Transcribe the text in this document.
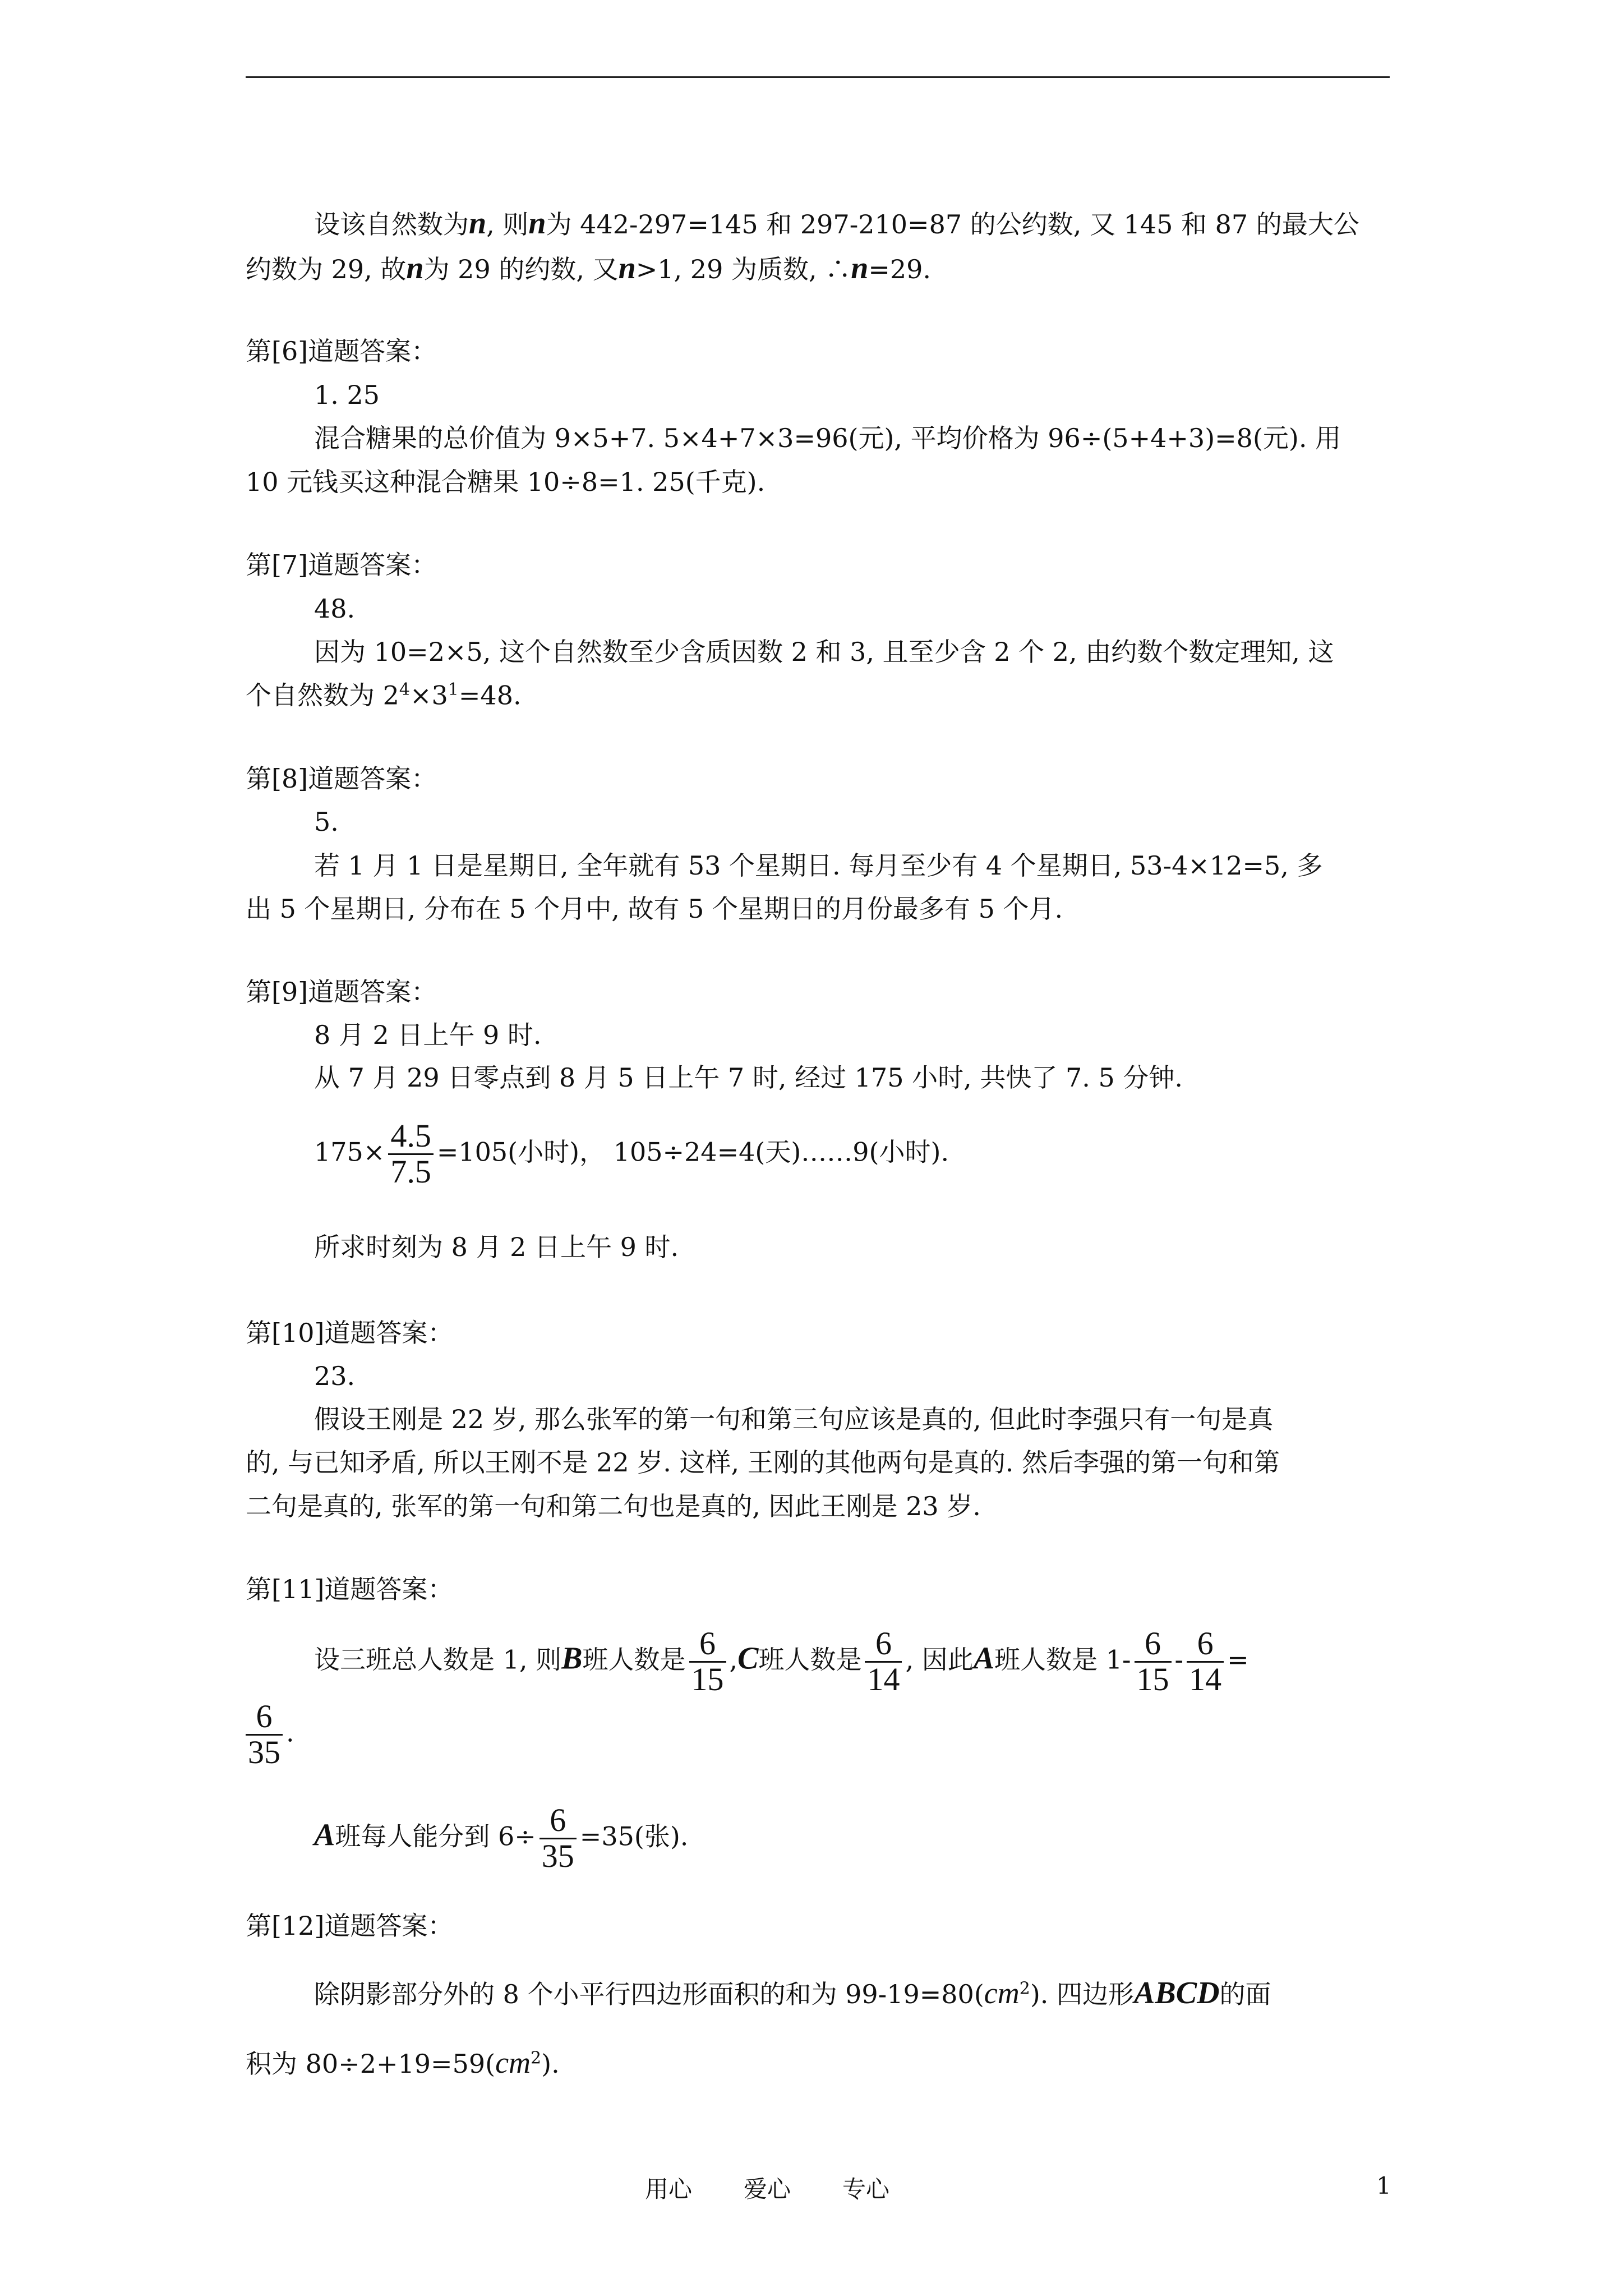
设该自然数为n, 则n为 442-297=145 和 297-210=87 的公约数, 又 145 和 87 的最大公
约数为 29, 故n为 29 的约数, 又n>1, 29 为质数, ∴n=29.
第[6]道题答案：
1. 25
混合糖果的总价值为 9×5+7. 5×4+7×3=96(元), 平均价格为 96÷(5+4+3)=8(元). 用
10 元钱买这种混合糖果 10÷8=1. 25(千克).
第[7]道题答案：
48.
因为 10=2×5, 这个自然数至少含质因数 2 和 3, 且至少含 2 个 2, 由约数个数定理知, 这
个自然数为 $2^4\times 3^1=48$.
第[8]道题答案：
5.
若 1 月 1 日是星期日, 全年就有 53 个星期日. 每月至少有 4 个星期日, 53-4×12=5, 多
出 5 个星期日, 分布在 5 个月中, 故有 5 个星期日的月份最多有 5 个月.
第[9]道题答案：
8 月 2 日上午 9 时.
从 7 月 29 日零点到 8 月 5 日上午 7 时, 经过 175 小时, 共快了 7. 5 分钟.
$175\times \frac{4.5}{7.5} =105$(小时)， 105÷24=4(天)……9(小时).
所求时刻为 8 月 2 日上午 9 时.
第[10]道题答案：
23.
假设王刚是 22 岁, 那么张军的第一句和第三句应该是真的, 但此时李强只有一句是真
的, 与已知矛盾, 所以王刚不是 22 岁. 这样, 王刚的其他两句是真的. 然后李强的第一句和第
二句是真的, 张军的第一句和第二句也是真的, 因此王刚是 23 岁.
第[11]道题答案：
设三班总人数是 1, 则B班人数是 $\frac{6}{15} ,C$班人数是 $\frac{6}{14}$ , 因此A班人数是 $1- \frac{6}{15} - \frac{6}{14}$ =
$\frac{6}{35}$ .
A班每人能分到 $6\div \frac{6}{35} =35$(张).
第[12]道题答案：
除阴影部分外的 8 个小平行四边形面积的和为 $99-19=80(cm^2)$. 四边形ABCD的面
积为 $80\div 2+19=59(cm^2)$.
用心 爱心 专心	1
